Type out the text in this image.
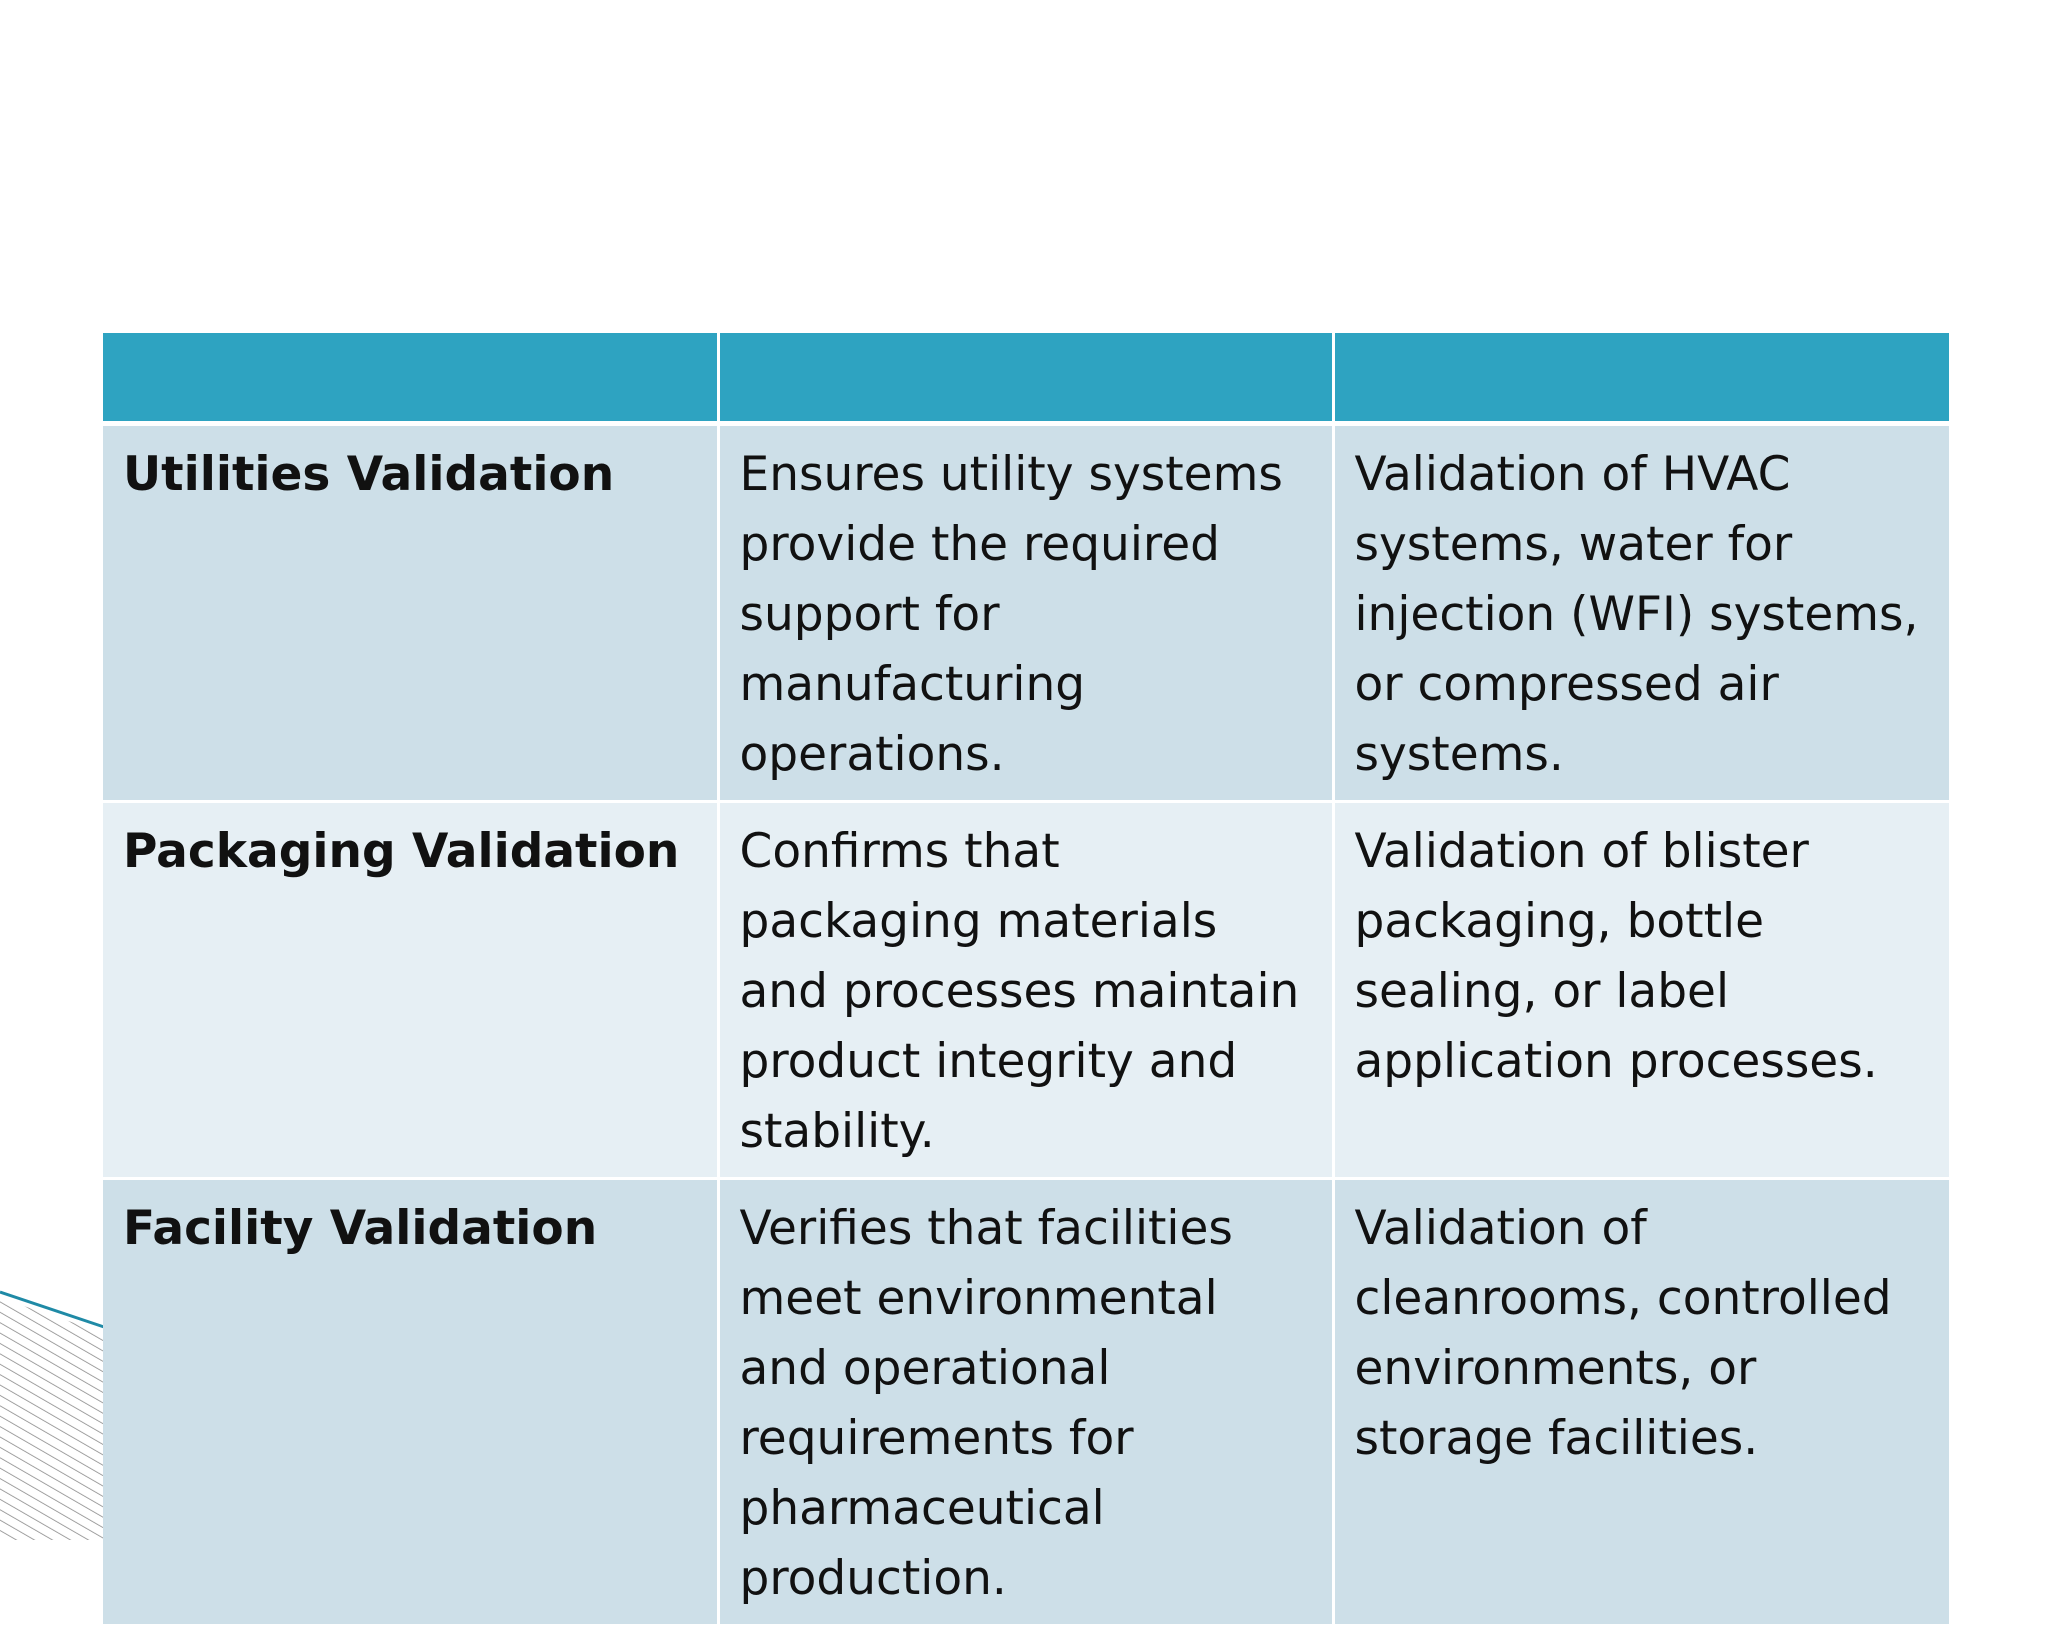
Utilities Validation	Ensures utility systems provide the required support for manufacturing operations.	Validation of HVAC systems, water for injection (WFI) systems, or compressed air systems.
Packaging Validation	Confirms that packaging materials and processes maintain product integrity and stability.	Validation of blister packaging, bottle sealing, or label application processes.
Facility Validation	Verifies that facilities meet environmental and operational requirements for pharmaceutical production.	Validation of cleanrooms, controlled environments, or storage facilities.
